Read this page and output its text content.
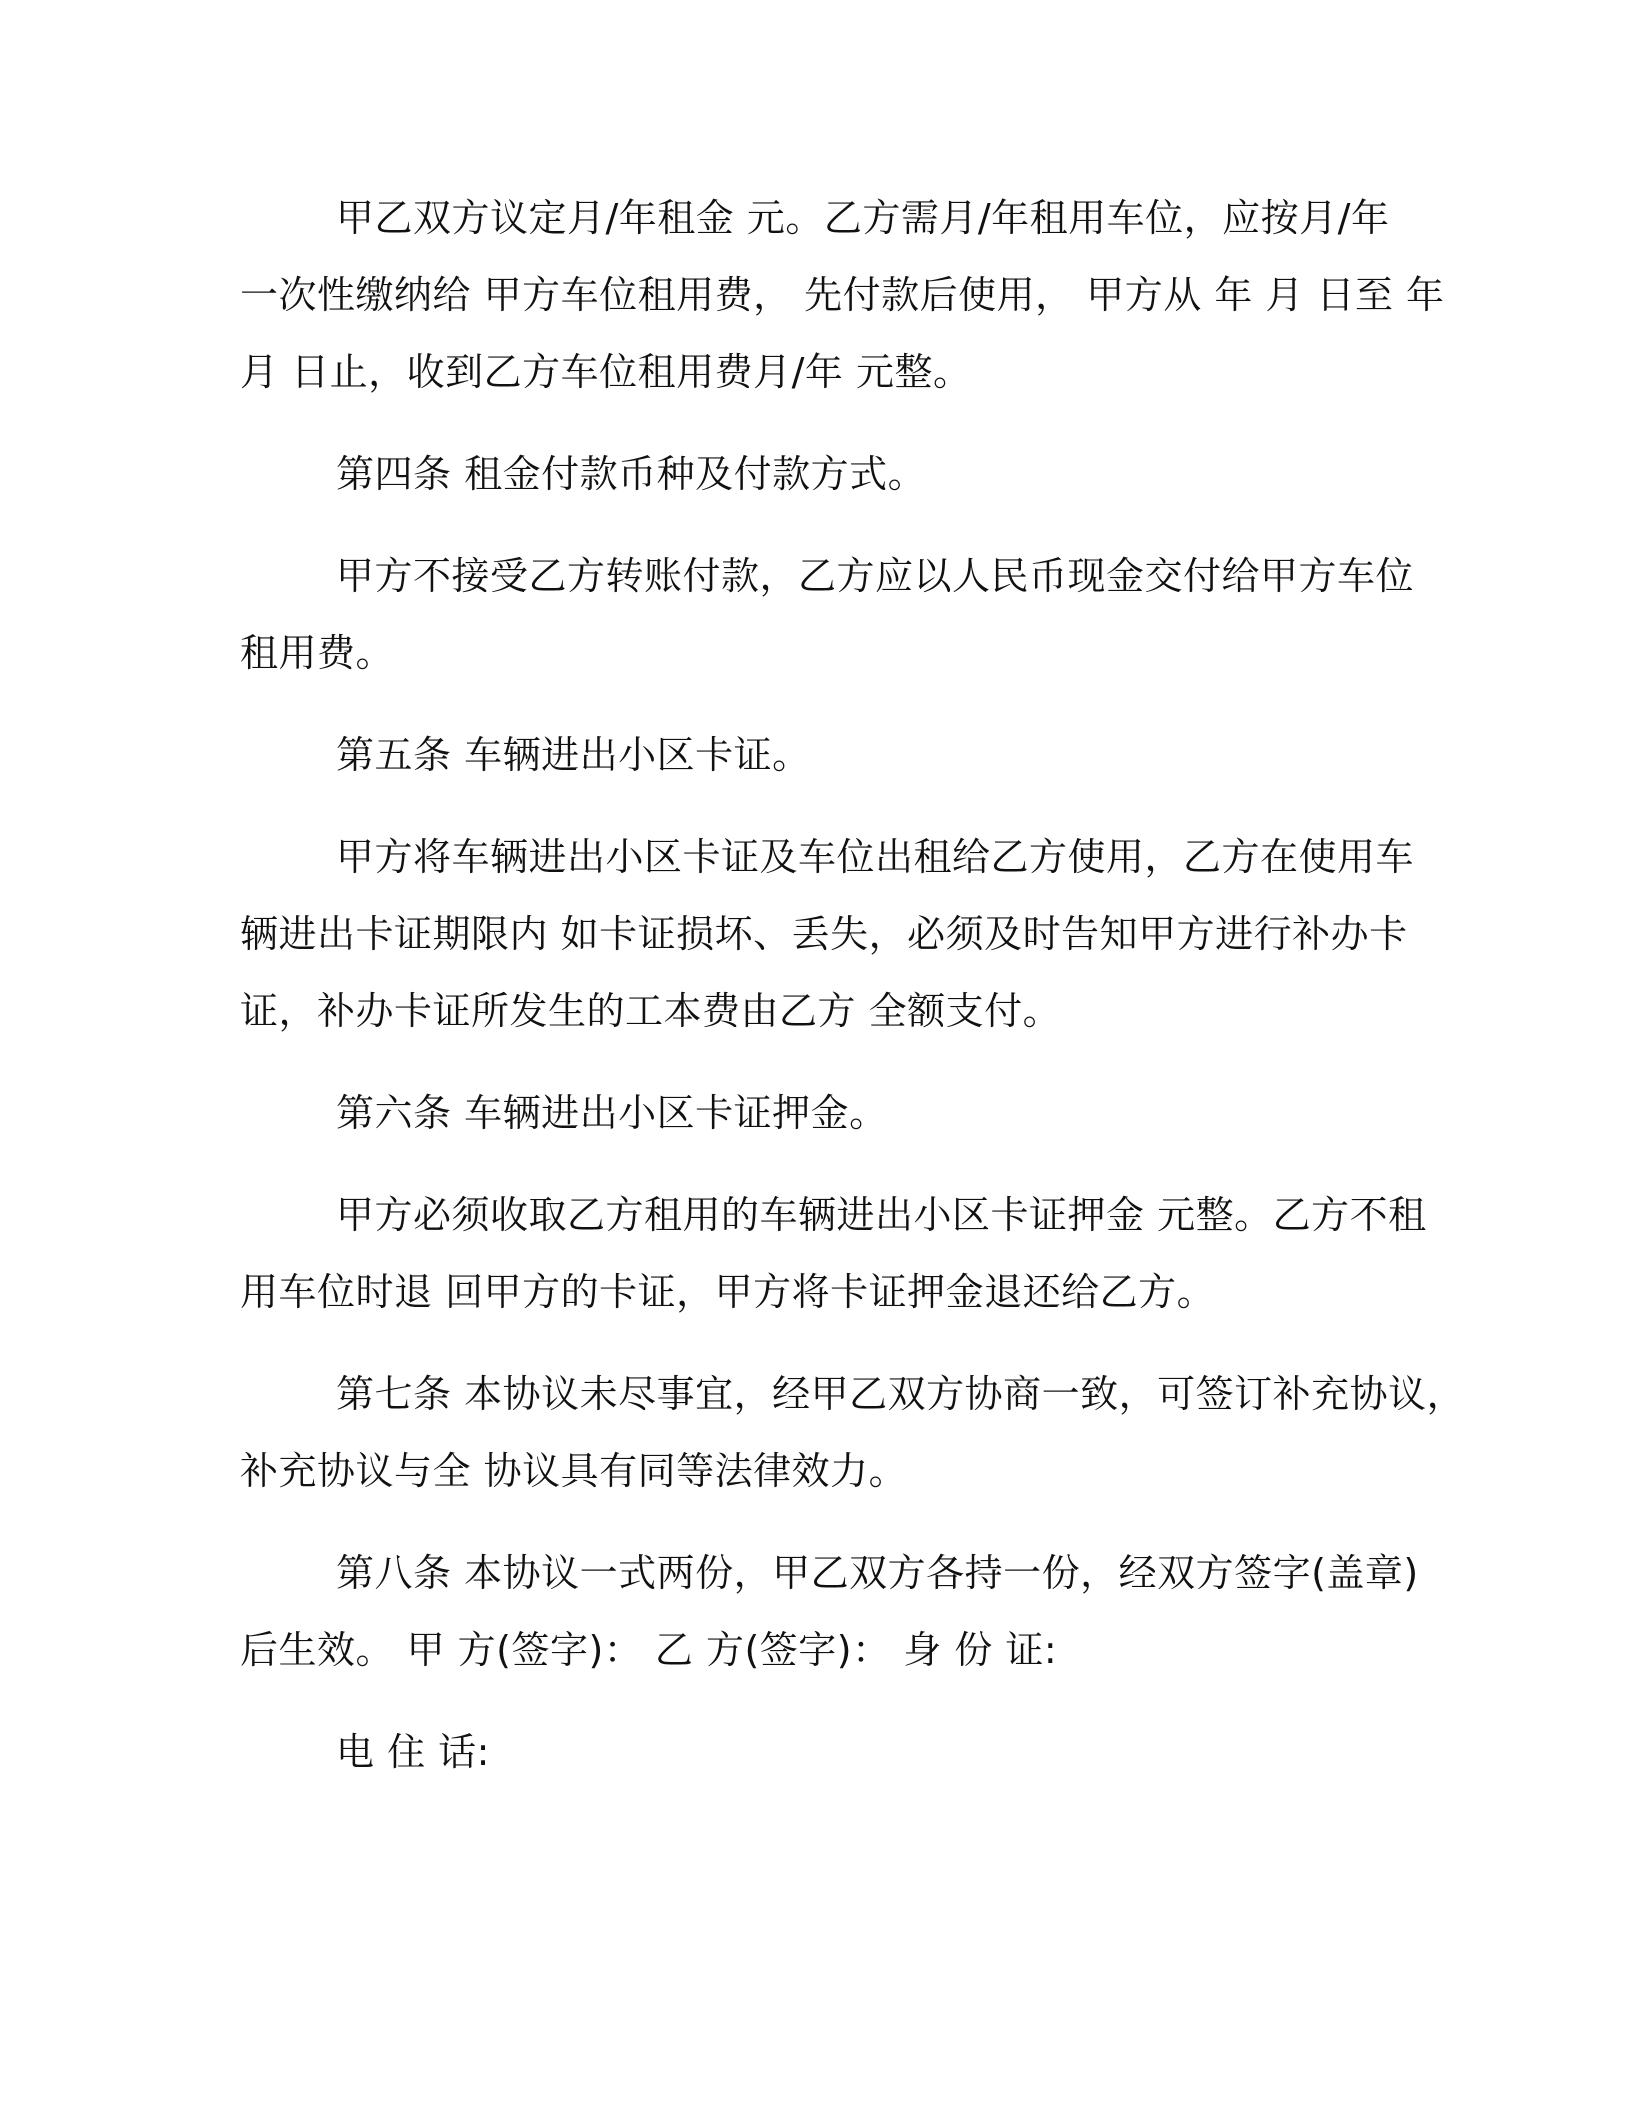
甲乙双方议定月/年租金 元。乙方需月/年租用车位，应按月/年
一次性缴纳给 甲方车位租用费， 先付款后使用， 甲方从 年 月 日至 年
月 日止，收到乙方车位租用费月/年 元整。
第四条 租金付款币种及付款方式。
甲方不接受乙方转账付款，乙方应以人民币现金交付给甲方车位
租用费。
第五条 车辆进出小区卡证。
甲方将车辆进出小区卡证及车位出租给乙方使用，乙方在使用车
辆进出卡证期限内 如卡证损坏、丢失，必须及时告知甲方进行补办卡
证，补办卡证所发生的工本费由乙方 全额支付。
第六条 车辆进出小区卡证押金。
甲方必须收取乙方租用的车辆进出小区卡证押金 元整。乙方不租
用车位时退 回甲方的卡证，甲方将卡证押金退还给乙方。
第七条 本协议未尽事宜，经甲乙双方协商一致，可签订补充协议，
补充协议与全 协议具有同等法律效力。
第八条 本协议一式两份，甲乙双方各持一份，经双方签字(盖章)
后生效。 甲 方(签字)： 乙 方(签字)： 身 份 证:
电 住 话:
